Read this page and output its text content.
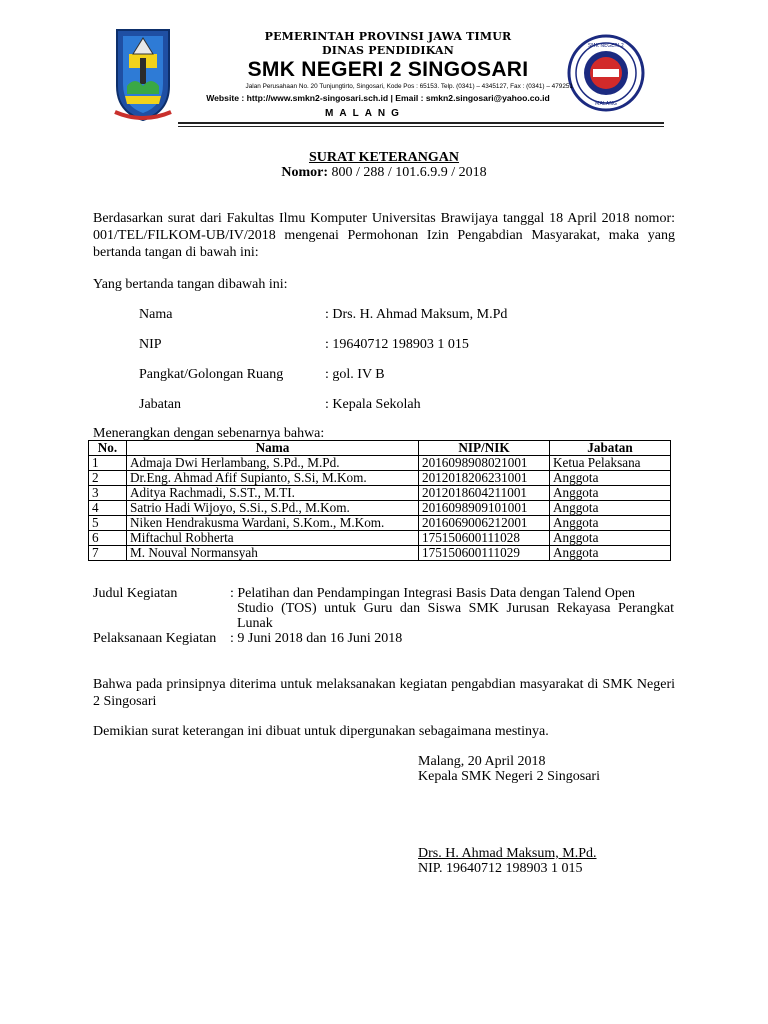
SMK NEGERI 2
MALANG
PEMERINTAH PROVINSI JAWA TIMUR
DINAS PENDIDIKAN
SMK NEGERI 2 SINGOSARI
Jalan Perusahaan No. 20 Tunjungtirto, Singosari, Kode Pos : 65153. Telp. (0341) – 4345127, Fax : (0341) – 479251
Website : http://www.smkn2-singosari.sch.id | Email : smkn2.singosari@yahoo.co.id
MALANG
SURAT KETERANGAN
Nomor: 800 / 288 / 101.6.9.9 / 2018
Berdasarkan surat dari Fakultas Ilmu Komputer Universitas Brawijaya tanggal 18 April 2018 nomor: 001/TEL/FILKOM-UB/IV/2018 mengenai Permohonan Izin Pengabdian Masyarakat, maka yang bertanda tangan di bawah ini:
Yang bertanda tangan dibawah ini:
Nama	: Drs. H. Ahmad Maksum, M.Pd
NIP	: 19640712 198903 1 015
Pangkat/Golongan Ruang	: gol. IV B
Jabatan	: Kepala Sekolah
Menerangkan dengan sebenarnya bahwa:
No.	Nama	NIP/NIK	Jabatan
1	Admaja Dwi Herlambang, S.Pd., M.Pd.	2016098908021001	Ketua Pelaksana
2	Dr.Eng. Ahmad Afif Supianto, S.Si, M.Kom.	2012018206231001	Anggota
3	Aditya Rachmadi, S.ST., M.TI.	2012018604211001	Anggota
4	Satrio Hadi Wijoyo, S.Si., S.Pd., M.Kom.	2016098909101001	Anggota
5	Niken Hendrakusma Wardani, S.Kom., M.Kom.	2016069006212001	Anggota
6	Miftachul Robherta	175150600111028	Anggota
7	M. Nouval Normansyah	175150600111029	Anggota
Judul Kegiatan	: Pelatihan dan Pendampingan Integrasi Basis Data dengan Talend Open
Studio (TOS) untuk Guru dan Siswa SMK Jurusan Rekayasa Perangkat
Lunak
Pelaksanaan Kegiatan : 9 Juni 2018 dan 16 Juni 2018
Bahwa pada prinsipnya diterima untuk melaksanakan kegiatan pengabdian masyarakat di SMK Negeri 2 Singosari
Demikian surat keterangan ini dibuat untuk dipergunakan sebagaimana mestinya.
Malang, 20 April 2018
Kepala SMK Negeri 2 Singosari
Drs. H. Ahmad Maksum, M.Pd.
NIP. 19640712 198903 1 015
